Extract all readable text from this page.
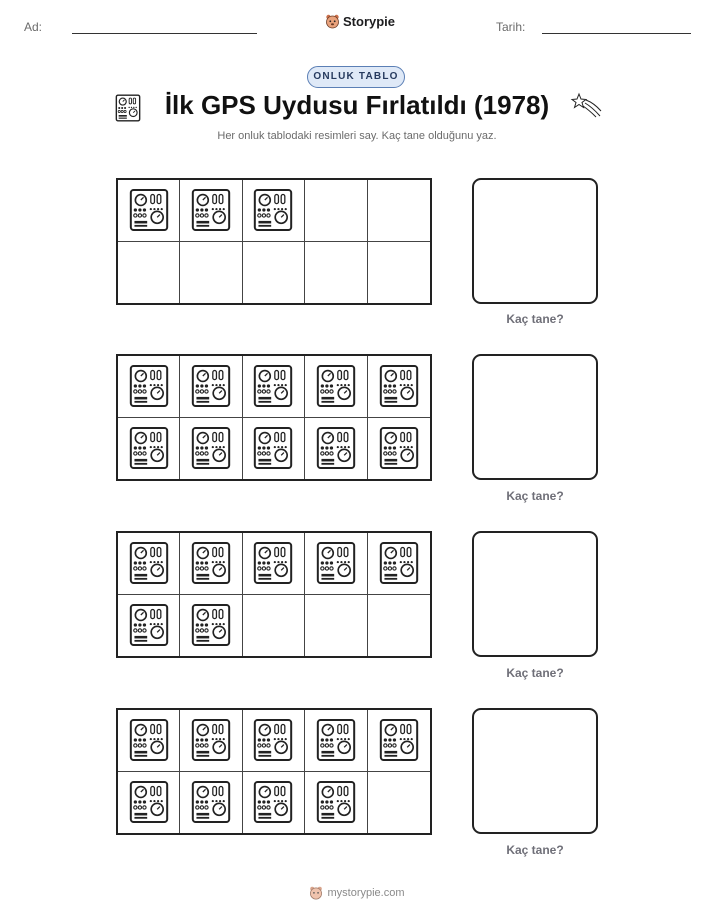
Ad:	Storypie	Tarih:
ONLUK TABLO
İlk GPS Uydusu Fırlatıldı (1978)
Her onluk tablodaki resimleri say. Kaç tane olduğunu yaz.
Kaç tane?
Kaç tane?
Kaç tane?
Kaç tane?
mystorypie.com
